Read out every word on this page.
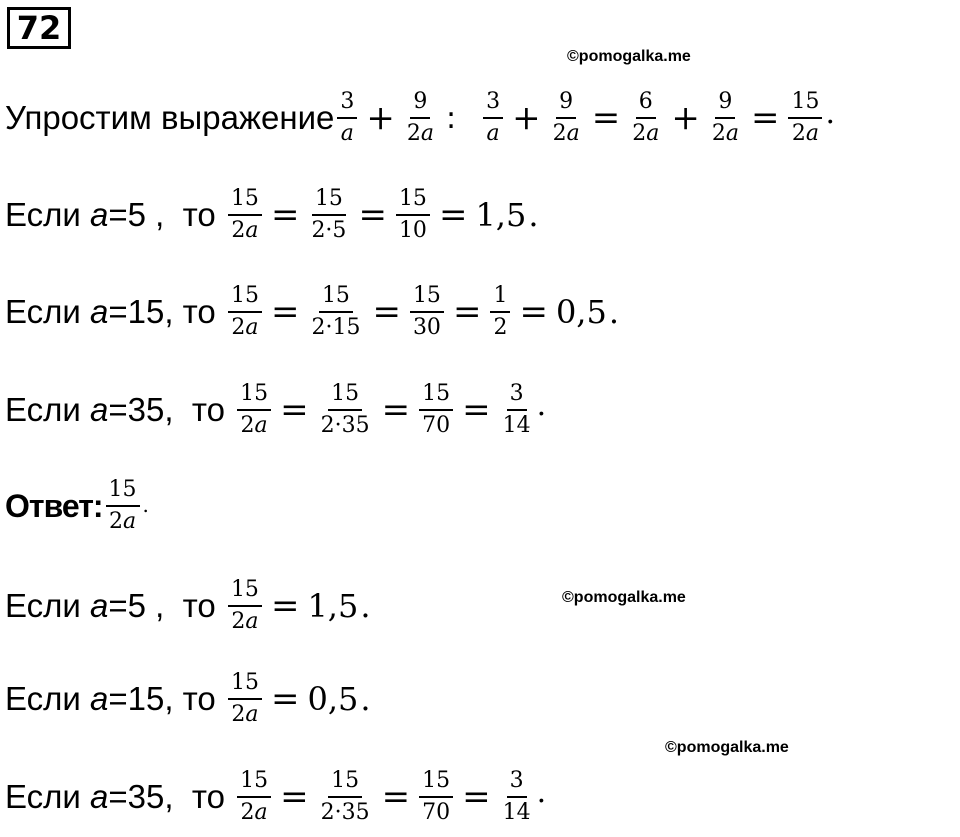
72
©pomogalka.me
©pomogalka.me
©pomogalka.me
Упростим выражение $\frac{3}{a} + \frac{9}{2a}$ : $\frac{3}{a} + \frac{9}{2a} = \frac{6}{2a} + \frac{9}{2a} = \frac{15}{2a}$ .
Если a =5 ,  то $\frac{15}{2a} = \frac{15}{2\cdot 5} = \frac{15}{10} = 1,5$ .
Если a =15, то $\frac{15}{2a} = \frac{15}{2\cdot 15} = \frac{15}{30} = \frac{1}{2} = 0,5$ .
Если a =35,  то $\frac{15}{2a} = \frac{15}{2\cdot 35} = \frac{15}{70} = \frac{3}{14}$ .
Ответ: $\frac{15}{2a}$ .
Если a =5 ,  то $\frac{15}{2a} = 1,5$ .
Если a =15, то $\frac{15}{2a} = 0,5$ .
Если a =35,  то $\frac{15}{2a} = \frac{15}{2\cdot 35} = \frac{15}{70} = \frac{3}{14}$ .
